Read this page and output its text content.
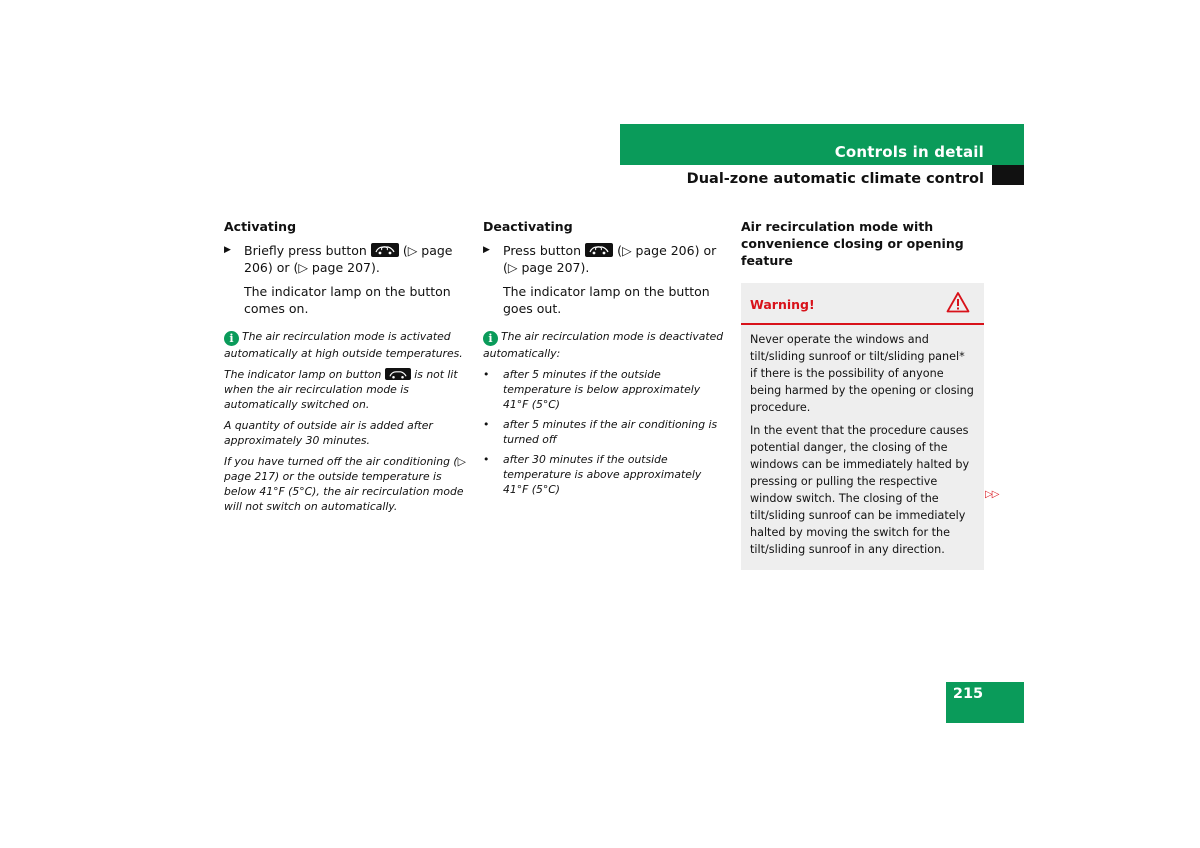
Controls in detail
Dual-zone automatic climate control
Activating
▶	Briefly press button	(▷ page 206) or (▷ page 207).
The indicator lamp on the button comes on.
i The air recirculation mode is activated automatically at high outside temperatures.
The indicator lamp on button	is not lit when the air recirculation mode is automatically switched on.
A quantity of outside air is added after approximately 30 minutes.
If you have turned off the air conditioning (▷ page 217) or the outside temperature is below 41°F (5°C), the air recirculation mode will not switch on automatically.
Deactivating
▶	Press button	(▷ page 206) or (▷ page 207).
The indicator lamp on the button goes out.
i The air recirculation mode is deactivated automatically:
•	after 5 minutes if the outside temperature is below approximately 41°F (5°C)
•	after 5 minutes if the air conditioning is turned off
•	after 30 minutes if the outside temperature is above approximately 41°F (5°C)
Air recirculation mode with convenience closing or opening feature
Warning!

Never operate the windows and tilt/sliding sunroof or tilt/sliding panel* if there is the possibility of anyone being harmed by the opening or closing procedure.

In the event that the procedure causes potential danger, the closing of the windows can be immediately halted by pressing or pulling the respective window switch. The closing of the tilt/sliding sunroof can be immediately halted by moving the switch for the tilt/sliding sunroof in any direction.

▷▷
215
